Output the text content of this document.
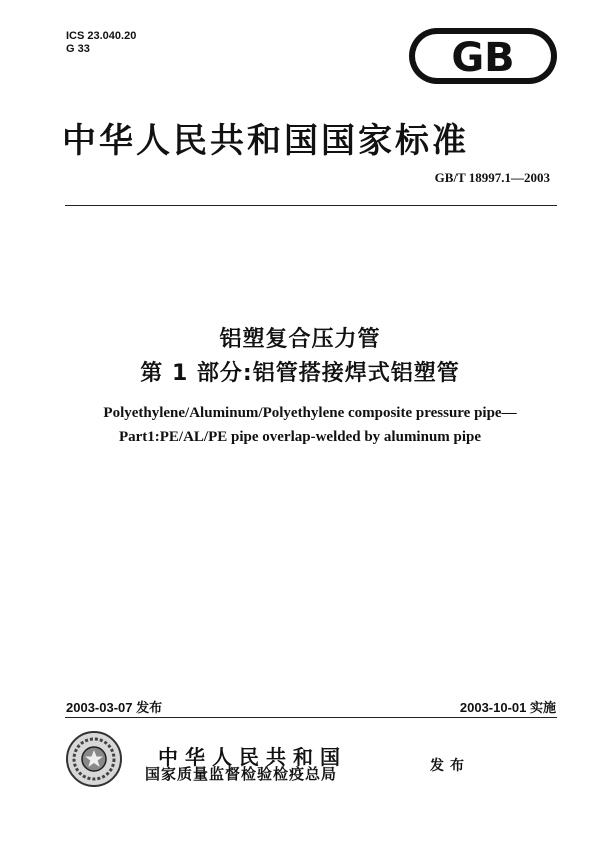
ICS 23.040.20
G 33	GB
中华人民共和国国家标准
GB/T 18997.1—2003
铝塑复合压力管
第 1 部分:铝管搭接焊式铝塑管
Polyethylene/Aluminum/Polyethylene composite pressure pipe—
Part1:PE/AL/PE pipe overlap-welded by aluminum pipe
2003-03-07 发布	2003-10-01 实施
中华人民共和国
国家质量监督检验检疫总局	发布
